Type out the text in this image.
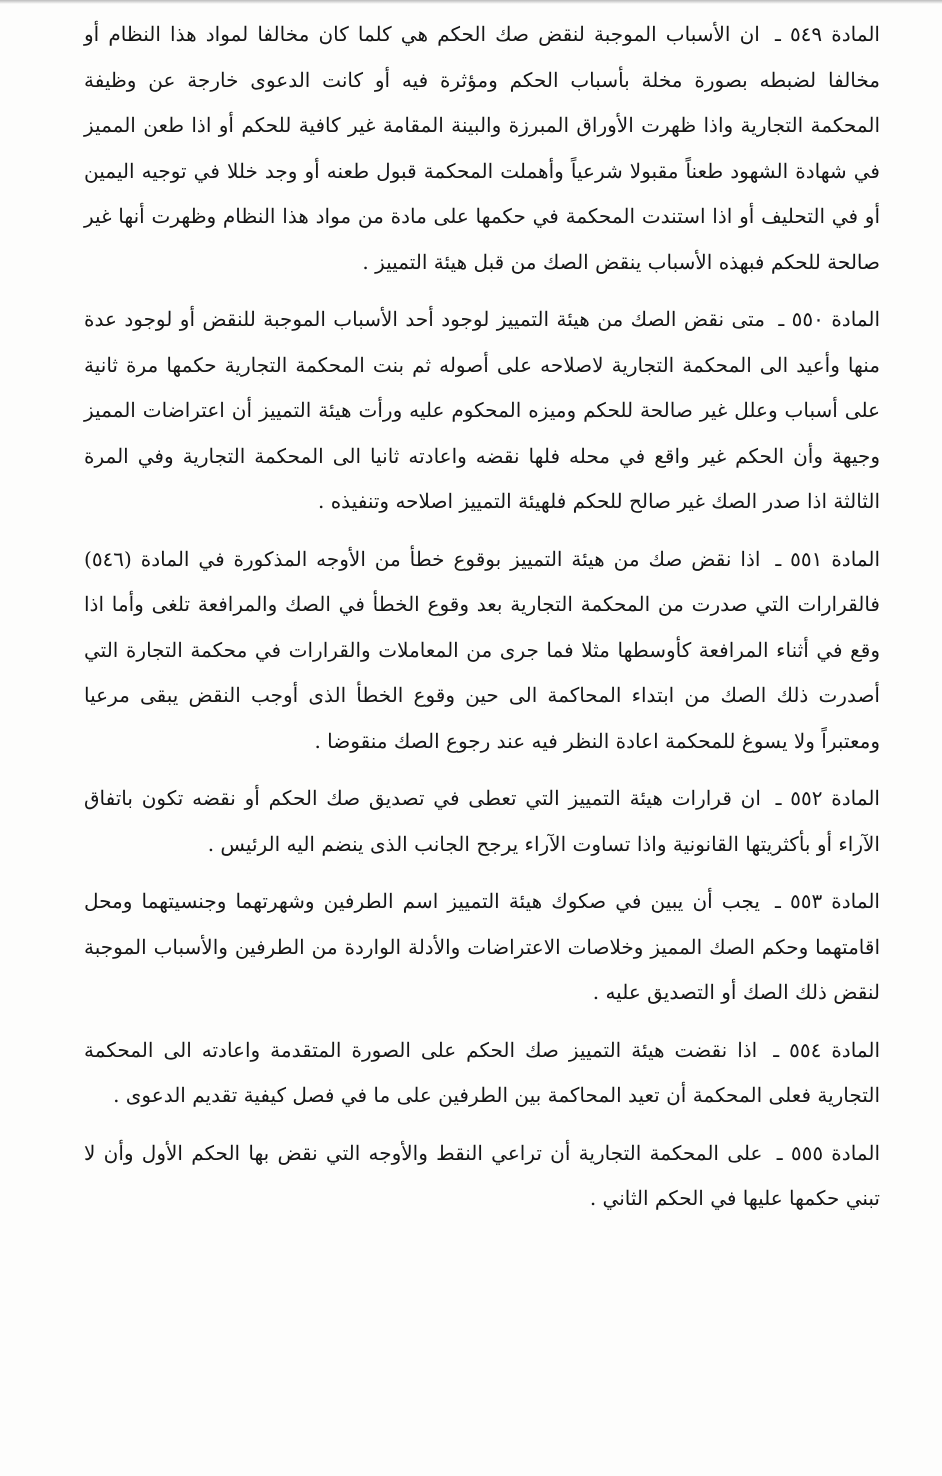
المادة ٥٤٩ ـ ان الأسباب الموجبة لنقض صك الحكم هي كلما كان مخالفا لمواد هذا النظام أو مخالفا لضبطه بصورة مخلة بأسباب الحكم ومؤثرة فيه أو كانت الدعوى خارجة عن وظيفة المحكمة التجارية واذا ظهرت الأوراق المبرزة والبينة المقامة غير كافية للحكم أو اذا طعن المميز في شهادة الشهود طعناً مقبولا شرعياً وأهملت المحكمة قبول طعنه أو وجد خللا في توجيه اليمين أو في التحليف أو اذا استندت المحكمة في حكمها على مادة من مواد هذا النظام وظهرت أنها غير صالحة للحكم فبهذه الأسباب ينقض الصك من قبل هيئة التمييز .

المادة ٥٥٠ ـ متى نقض الصك من هيئة التمييز لوجود أحد الأسباب الموجبة للنقض أو لوجود عدة منها وأعيد الى المحكمة التجارية لاصلاحه على أصوله ثم بنت المحكمة التجارية حكمها مرة ثانية على أسباب وعلل غير صالحة للحكم وميزه المحكوم عليه ورأت هيئة التمييز أن اعتراضات المميز وجيهة وأن الحكم غير واقع في محله فلها نقضه واعادته ثانيا الى المحكمة التجارية وفي المرة الثالثة اذا صدر الصك غير صالح للحكم فلهيئة التمييز اصلاحه وتنفيذه .

المادة ٥٥١ ـ اذا نقض صك من هيئة التمييز بوقوع خطأ من الأوجه المذكورة في المادة (٥٤٦) فالقرارات التي صدرت من المحكمة التجارية بعد وقوع الخطأ في الصك والمرافعة تلغى وأما اذا وقع في أثناء المرافعة كأوسطها مثلا فما جرى من المعاملات والقرارات في محكمة التجارة التي أصدرت ذلك الصك من ابتداء المحاكمة الى حين وقوع الخطأ الذى أوجب النقض يبقى مرعيا ومعتبراً ولا يسوغ للمحكمة اعادة النظر فيه عند رجوع الصك منقوضا .

المادة ٥٥٢ ـ ان قرارات هيئة التمييز التي تعطى في تصديق صك الحكم أو نقضه تكون باتفاق الآراء أو بأكثريتها القانونية واذا تساوت الآراء يرجح الجانب الذى ينضم اليه الرئيس .

المادة ٥٥٣ ـ يجب أن يبين في صكوك هيئة التمييز اسم الطرفين وشهرتهما وجنسيتهما ومحل اقامتهما وحكم الصك المميز وخلاصات الاعتراضات والأدلة الواردة من الطرفين والأسباب الموجبة لنقض ذلك الصك أو التصديق عليه .

المادة ٥٥٤ ـ اذا نقضت هيئة التمييز صك الحكم على الصورة المتقدمة واعادته الى المحكمة التجارية فعلى المحكمة أن تعيد المحاكمة بين الطرفين على ما في فصل كيفية تقديم الدعوى .

المادة ٥٥٥ ـ على المحكمة التجارية أن تراعي النقط والأوجه التي نقض بها الحكم الأول وأن لا تبني حكمها عليها في الحكم الثاني .
